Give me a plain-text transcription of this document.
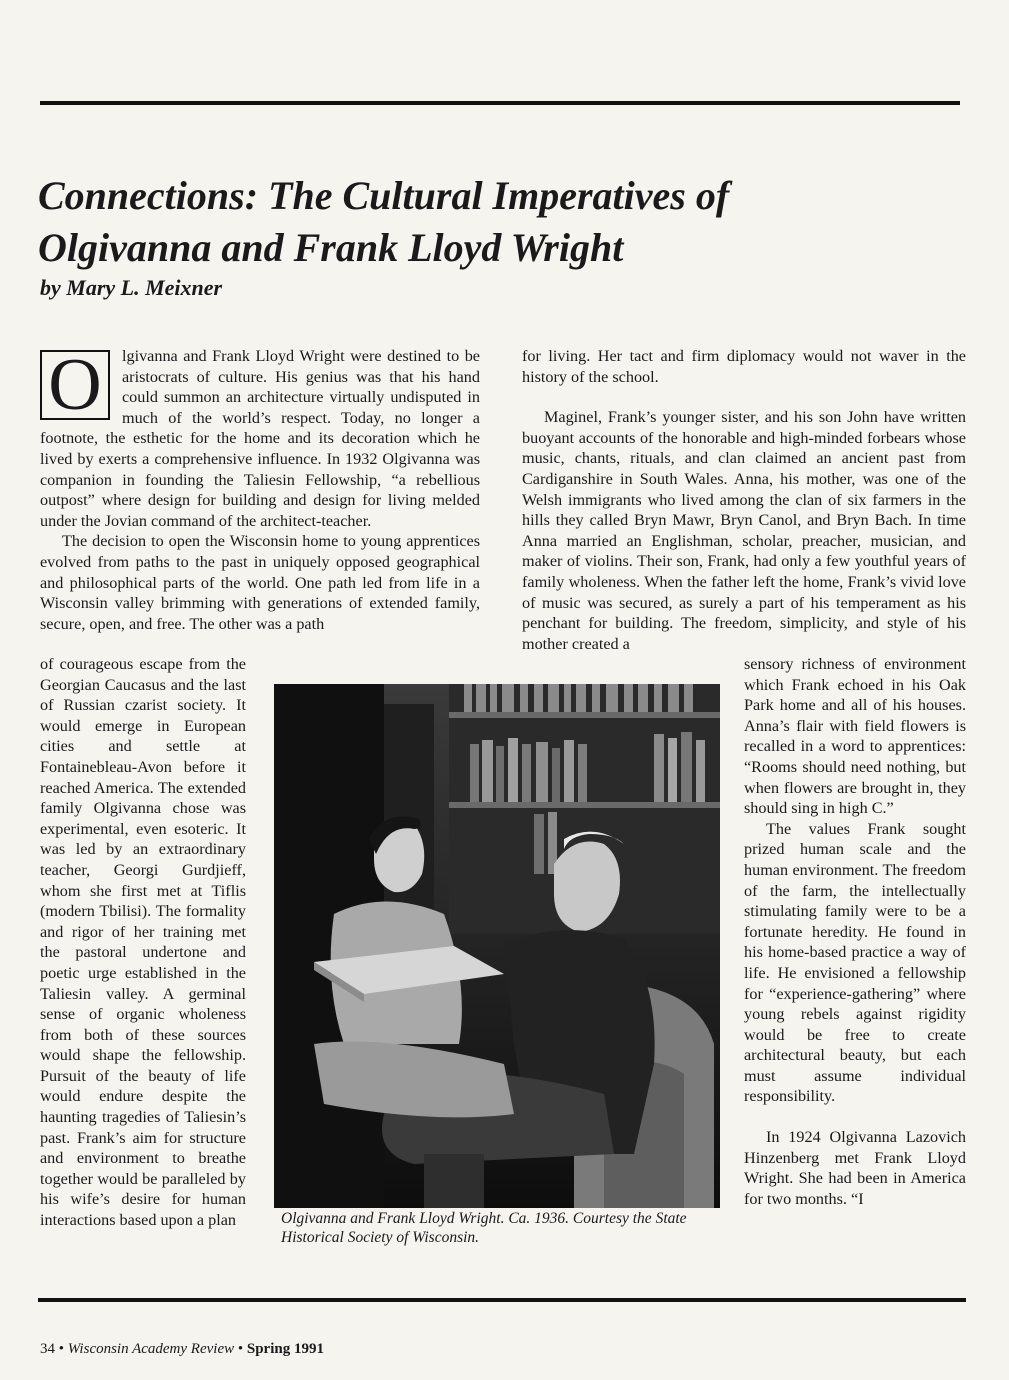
Connections: The Cultural Imperatives of
Olgivanna and Frank Lloyd Wright

by Mary L. Meixner

O	lgivanna and Frank Lloyd Wright were destined to be aristocrats of culture. His genius was that his hand could summon an architecture virtually undisputed in much of the world’s respect. Today, no longer a footnote, the esthetic for the home and its decoration which he lived by exerts a comprehensive influence. In 1932 Olgivanna was companion in founding the Taliesin Fellowship, “a rebellious outpost” where design for building and design for living melded under the Jovian command of the architect-teacher.

The decision to open the Wisconsin home to young apprentices evolved from paths to the past in uniquely opposed geographical and philosophical parts of the world. One path led from life in a Wisconsin valley brimming with generations of extended family, secure, open, and free. The other was a path

of courageous escape from the Georgian Caucasus and the last of Russian czarist society. It would emerge in European cities and settle at Fontainebleau-Avon before it reached America. The extended family Olgivanna chose was experimental, even esoteric. It was led by an extraordinary teacher, Georgi Gurdjieff, whom she first met at Tiflis (modern Tbilisi). The formality and rigor of her training met the pastoral undertone and poetic urge established in the Taliesin valley. A germinal sense of organic wholeness from both of these sources would shape the fellowship. Pursuit of the beauty of life would endure despite the haunting tragedies of Taliesin’s past. Frank’s aim for structure and environment to breathe together would be paralleled by his wife’s desire for human interactions based upon a plan

for living. Her tact and firm diplomacy would not waver in the history of the school.

Maginel, Frank’s younger sister, and his son John have written buoyant accounts of the honorable and high-minded forbears whose music, chants, rituals, and clan claimed an ancient past from Cardiganshire in South Wales. Anna, his mother, was one of the Welsh immigrants who lived among the clan of six farmers in the hills they called Bryn Mawr, Bryn Canol, and Bryn Bach. In time Anna married an Englishman, scholar, preacher, musician, and maker of violins. Their son, Frank, had only a few youthful years of family wholeness. When the father left the home, Frank’s vivid love of music was secured, as surely a part of his temperament as his penchant for building. The freedom, simplicity, and style of his mother created a

sensory richness of environment which Frank echoed in his Oak Park home and all of his houses. Anna’s flair with field flowers is recalled in a word to apprentices: “Rooms should need nothing, but when flowers are brought in, they should sing in high C.”

The values Frank sought prized human scale and the human environment. The freedom of the farm, the intellectually stimulating family were to be a fortunate heredity. He found in his home-based practice a way of life. He envisioned a fellowship for “experience-gathering” where young rebels against rigidity would be free to create architectural beauty, but each must assume individual responsibility.

In 1924 Olgivanna Lazovich Hinzenberg met Frank Lloyd Wright. She had been in America for two months. “I

Olgivanna and Frank Lloyd Wright. Ca. 1936. Courtesy the State Historical Society of Wisconsin.

34 • Wisconsin Academy Review • Spring 1991
